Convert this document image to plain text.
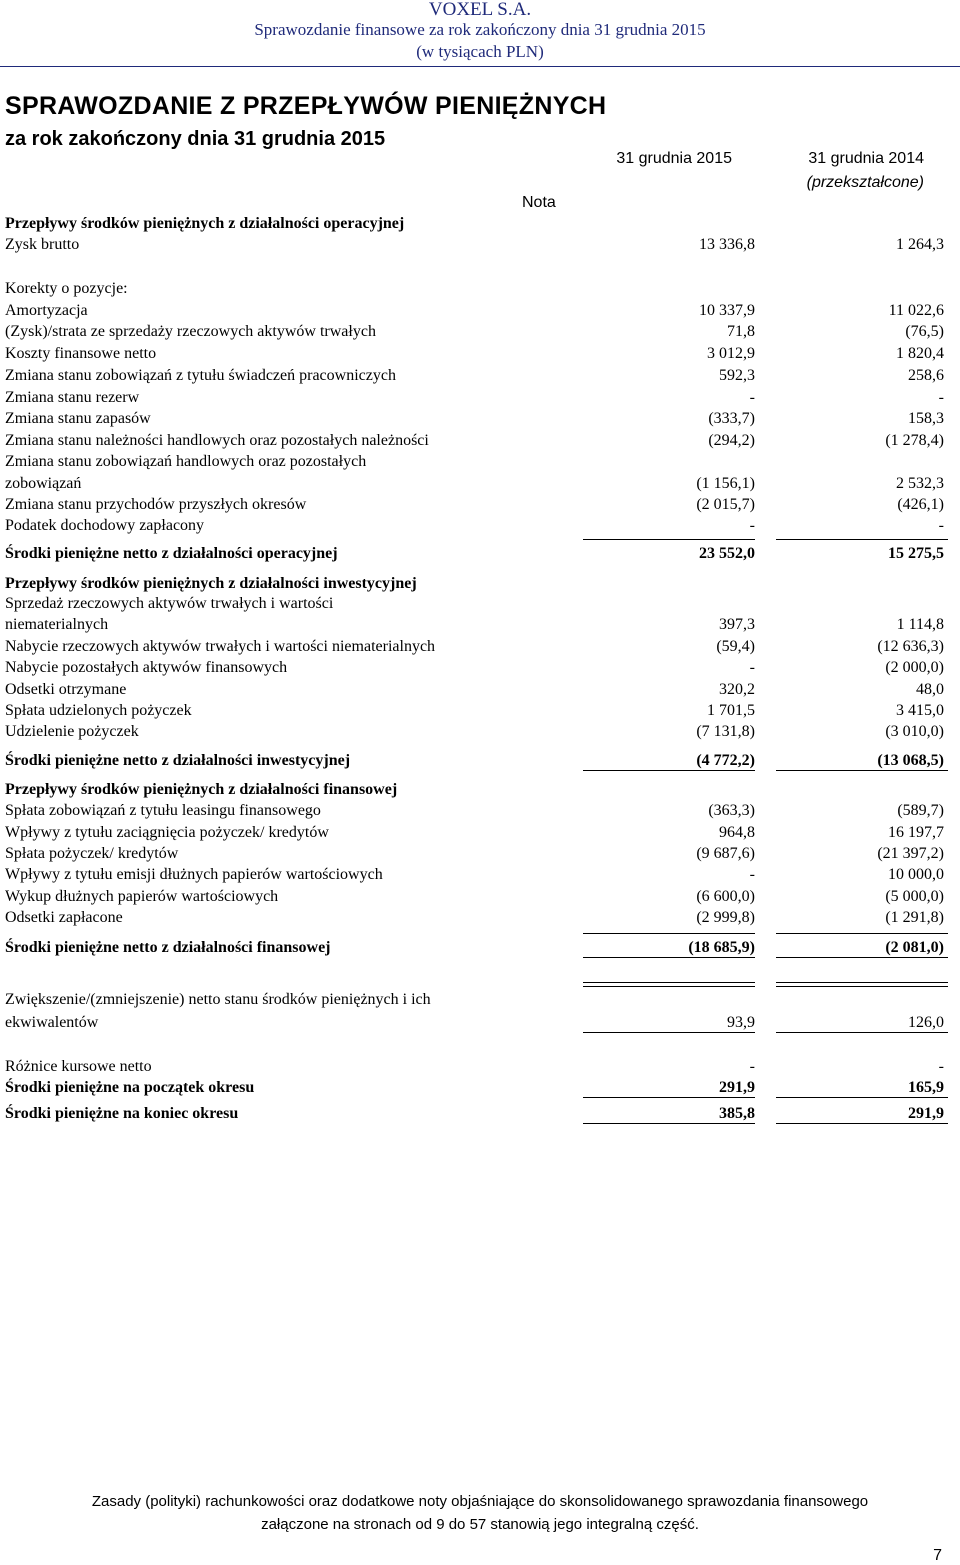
VOXEL S.A.
Sprawozdanie finansowe za rok zakończony dnia 31 grudnia 2015
(w tysiącach PLN)
SPRAWOZDANIE Z PRZEPŁYWÓW PIENIĘŻNYCH
za rok zakończony dnia 31 grudnia 2015
31 grudnia 2015	31 grudnia 2014
(przekształcone)
Nota
Przepływy środków pieniężnych z działalności operacyjnej
Zysk brutto	13 336,8	1 264,3
Korekty o pozycje:
Amortyzacja	10 337,9	11 022,6
(Zysk)/strata ze sprzedaży rzeczowych aktywów trwałych	71,8	(76,5)
Koszty finansowe netto	3 012,9	1 820,4
Zmiana stanu zobowiązań z tytułu świadczeń pracowniczych	592,3	258,6
Zmiana stanu rezerw	-	-
Zmiana stanu zapasów	(333,7)	158,3
Zmiana stanu należności handlowych oraz pozostałych należności	(294,2)	(1 278,4)
Zmiana stanu zobowiązań handlowych oraz pozostałych
zobowiązań	(1 156,1)	2 532,3
Zmiana stanu przychodów przyszłych okresów	(2 015,7)	(426,1)
Podatek dochodowy zapłacony	-	-
Środki pieniężne netto z działalności operacyjnej	23 552,0	15 275,5
Przepływy środków pieniężnych z działalności inwestycyjnej
Sprzedaż rzeczowych aktywów trwałych i wartości
niematerialnych	397,3	1 114,8
Nabycie rzeczowych aktywów trwałych i wartości niematerialnych	(59,4)	(12 636,3)
Nabycie pozostałych aktywów finansowych	-	(2 000,0)
Odsetki otrzymane	320,2	48,0
Spłata udzielonych pożyczek	1 701,5	3 415,0
Udzielenie pożyczek	(7 131,8)	(3 010,0)
Środki pieniężne netto z działalności inwestycyjnej	(4 772,2)	(13 068,5)
Przepływy środków pieniężnych z działalności finansowej
Spłata zobowiązań z tytułu leasingu finansowego	(363,3)	(589,7)
Wpływy z tytułu zaciągnięcia pożyczek/ kredytów	964,8	16 197,7
Spłata pożyczek/ kredytów	(9 687,6)	(21 397,2)
Wpływy z tytułu emisji dłużnych papierów wartościowych	-	10 000,0
Wykup dłużnych papierów wartościowych	(6 600,0)	(5 000,0)
Odsetki zapłacone	(2 999,8)	(1 291,8)
Środki pieniężne netto z działalności finansowej	(18 685,9)	(2 081,0)
Zwiększenie/(zmniejszenie) netto stanu środków pieniężnych i ich
ekwiwalentów	93,9	126,0
Różnice kursowe netto	-	-
Środki pieniężne na początek okresu	291,9	165,9
Środki pieniężne na koniec okresu	385,8	291,9
Zasady (polityki) rachunkowości oraz dodatkowe noty objaśniające do skonsolidowanego sprawozdania finansowego
załączone na stronach od 9 do 57 stanowią jego integralną część.
7
